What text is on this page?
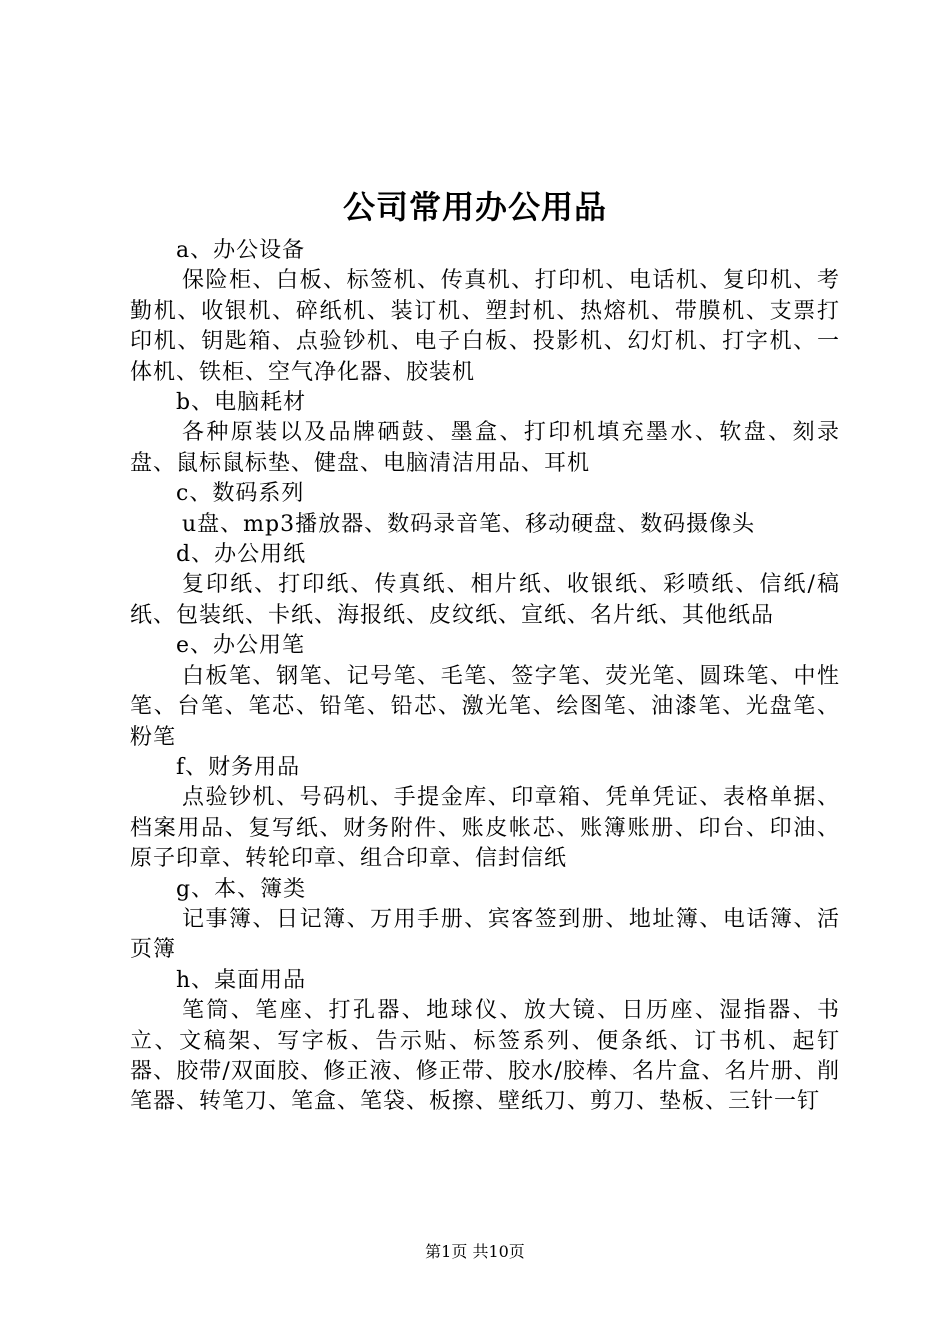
公司常用办公用品

a、办公设备

保险柜、白板、标签机、传真机、打印机、电话机、复印机、考勤机、收银机、碎纸机、装订机、塑封机、热熔机、带膜机、支票打印机、钥匙箱、点验钞机、电子白板、投影机、幻灯机、打字机、一体机、铁柜、空气净化器、胶装机

b、电脑耗材

各种原装以及品牌硒鼓、墨盒、打印机填充墨水、软盘、刻录盘、鼠标鼠标垫、健盘、电脑清洁用品、耳机

c、数码系列

u盘、mp3播放器、数码录音笔、移动硬盘、数码摄像头

d、办公用纸

复印纸、打印纸、传真纸、相片纸、收银纸、彩喷纸、信纸/稿纸、包装纸、卡纸、海报纸、皮纹纸、宣纸、名片纸、其他纸品

e、办公用笔

白板笔、钢笔、记号笔、毛笔、签字笔、荧光笔、圆珠笔、中性笔、台笔、笔芯、铅笔、铅芯、激光笔、绘图笔、油漆笔、光盘笔、粉笔

f、财务用品

点验钞机、号码机、手提金库、印章箱、凭单凭证、表格单据、档案用品、复写纸、财务附件、账皮帐芯、账簿账册、印台、印油、原子印章、转轮印章、组合印章、信封信纸

g、本、簿类

记事簿、日记簿、万用手册、宾客签到册、地址簿、电话簿、活页簿

h、桌面用品

笔筒、笔座、打孔器、地球仪、放大镜、日历座、湿指器、书立、文稿架、写字板、告示贴、标签系列、便条纸、订书机、起钉器、胶带/双面胶、修正液、修正带、胶水/胶棒、名片盒、名片册、削笔器、转笔刀、笔盒、笔袋、板擦、壁纸刀、剪刀、垫板、三针一钉

第1页 共10页
